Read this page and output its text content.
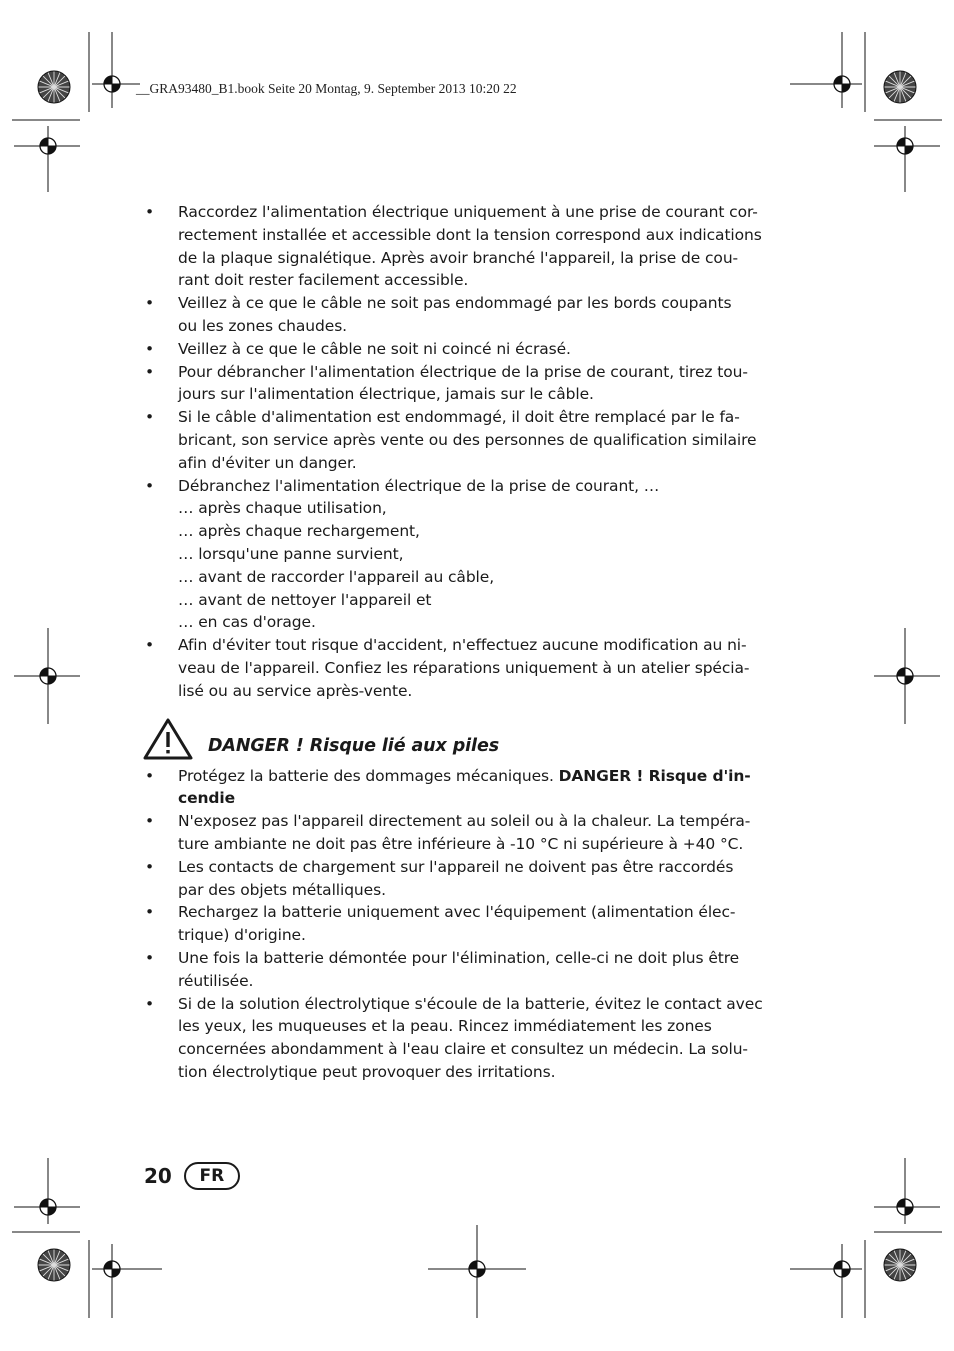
__GRA93480_B1.book Seite 20 Montag, 9. September 2013 10:20 22
•	Raccordez l'alimentation électrique uniquement à une prise de courant cor-
rectement installée et accessible dont la tension correspond aux indications
de la plaque signalétique. Après avoir branché l'appareil, la prise de cou-
rant doit rester facilement accessible.
•	Veillez à ce que le câble ne soit pas endommagé par les bords coupants
ou les zones chaudes.
•	Veillez à ce que le câble ne soit ni coincé ni écrasé.
•	Pour débrancher l'alimentation électrique de la prise de courant, tirez tou-
jours sur l'alimentation électrique, jamais sur le câble.
•	Si le câble d'alimentation est endommagé, il doit être remplacé par le fa-
bricant, son service après vente ou des personnes de qualification similaire
afin d'éviter un danger.
•	Débranchez l'alimentation électrique de la prise de courant, …
… après chaque utilisation,
… après chaque rechargement,
… lorsqu'une panne survient,
… avant de raccorder l'appareil au câble,
… avant de nettoyer l'appareil et
… en cas d'orage.
•	Afin d'éviter tout risque d'accident, n'effectuez aucune modification au ni-
veau de l'appareil. Confiez les réparations uniquement à un atelier spécia-
lisé ou au service après-vente.
DANGER ! Risque lié aux piles
•	Protégez la batterie des dommages mécaniques. DANGER ! Risque d'in-
cendie
•	N'exposez pas l'appareil directement au soleil ou à la chaleur. La tempéra-
ture ambiante ne doit pas être inférieure à -10 °C ni supérieure à +40 °C.
•	Les contacts de chargement sur l'appareil ne doivent pas être raccordés
par des objets métalliques.
•	Rechargez la batterie uniquement avec l'équipement (alimentation élec-
trique) d'origine.
•	Une fois la batterie démontée pour l'élimination, celle-ci ne doit plus être
réutilisée.
•	Si de la solution électrolytique s'écoule de la batterie, évitez le contact avec
les yeux, les muqueuses et la peau. Rincez immédiatement les zones
concernées abondamment à l'eau claire et consultez un médecin. La solu-
tion électrolytique peut provoquer des irritations.
20	FR
